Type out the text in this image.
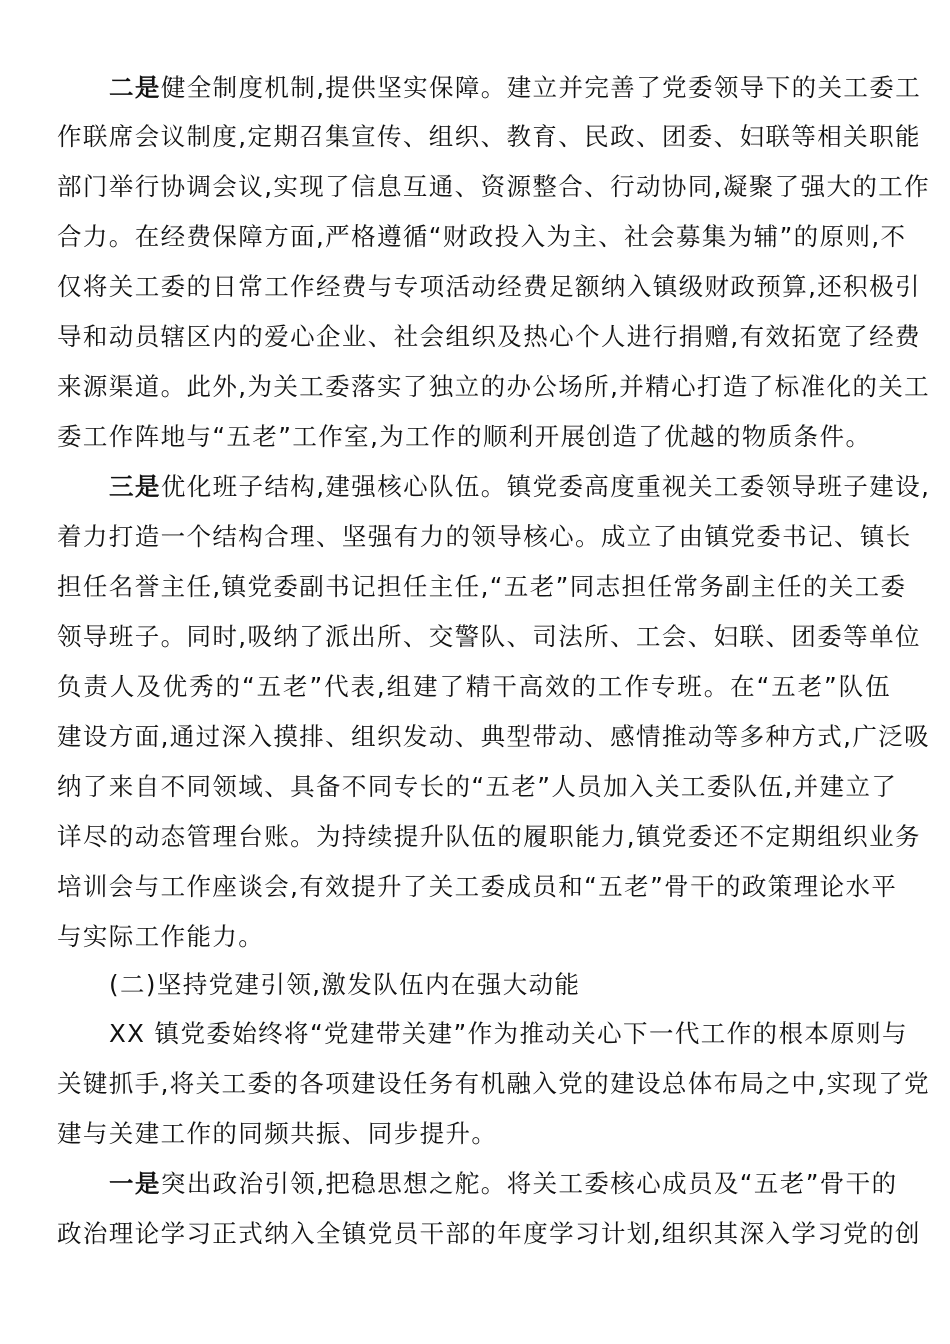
二是健全制度机制,提供坚实保障。建立并完善了党委领导下的关工委工
作联席会议制度,定期召集宣传、组织、教育、民政、团委、妇联等相关职能
部门举行协调会议,实现了信息互通、资源整合、行动协同,凝聚了强大的工作
合力。在经费保障方面,严格遵循“财政投入为主、社会募集为辅”的原则,不
仅将关工委的日常工作经费与专项活动经费足额纳入镇级财政预算,还积极引
导和动员辖区内的爱心企业、社会组织及热心个人进行捐赠,有效拓宽了经费
来源渠道。此外,为关工委落实了独立的办公场所,并精心打造了标准化的关工
委工作阵地与“五老”工作室,为工作的顺利开展创造了优越的物质条件。
三是优化班子结构,建强核心队伍。镇党委高度重视关工委领导班子建设,
着力打造一个结构合理、坚强有力的领导核心。成立了由镇党委书记、镇长
担任名誉主任,镇党委副书记担任主任,“五老”同志担任常务副主任的关工委
领导班子。同时,吸纳了派出所、交警队、司法所、工会、妇联、团委等单位
负责人及优秀的“五老”代表,组建了精干高效的工作专班。在“五老”队伍
建设方面,通过深入摸排、组织发动、典型带动、感情推动等多种方式,广泛吸
纳了来自不同领域、具备不同专长的“五老”人员加入关工委队伍,并建立了
详尽的动态管理台账。为持续提升队伍的履职能力,镇党委还不定期组织业务
培训会与工作座谈会,有效提升了关工委成员和“五老”骨干的政策理论水平
与实际工作能力。
(二)坚持党建引领,激发队伍内在强大动能
XX 镇党委始终将“党建带关建”作为推动关心下一代工作的根本原则与
关键抓手,将关工委的各项建设任务有机融入党的建设总体布局之中,实现了党
建与关建工作的同频共振、同步提升。
一是突出政治引领,把稳思想之舵。将关工委核心成员及“五老”骨干的
政治理论学习正式纳入全镇党员干部的年度学习计划,组织其深入学习党的创
